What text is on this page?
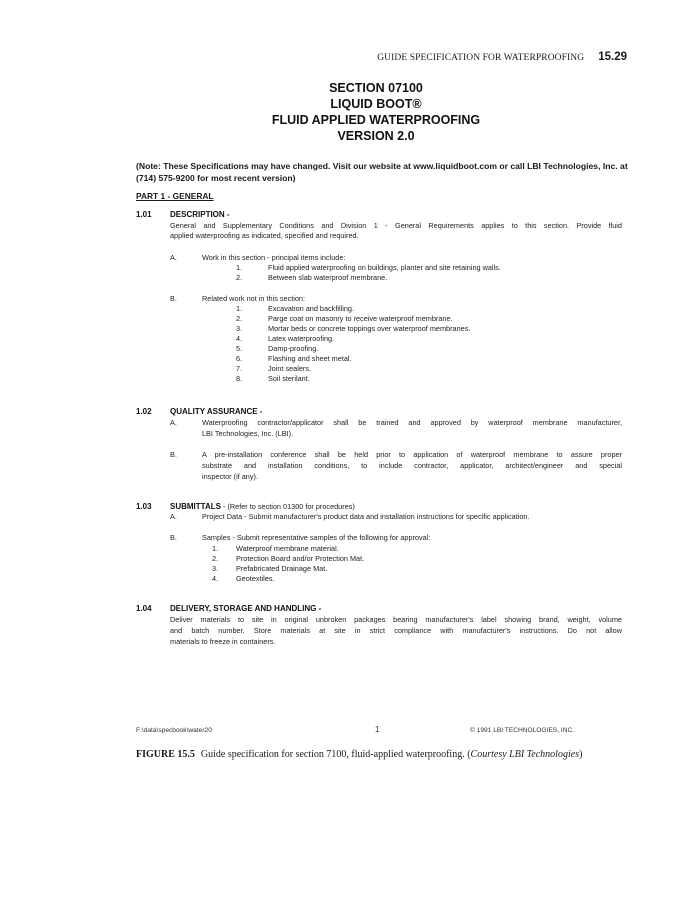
GUIDE SPECIFICATION FOR WATERPROOFING 15.29
SECTION 07100
LIQUID BOOT®
FLUID APPLIED WATERPROOFING
VERSION 2.0
(Note: These Specifications may have changed. Visit our website at www.liquidboot.com or call LBI Technologies, Inc. at (714) 575-9200 for most recent version)
PART 1 - GENERAL
1.01 DESCRIPTION -
General and Supplementary Conditions and Division 1 - General Requirements applies to this section. Provide fluid
applied waterproofing as indicated, specified and required.
A.	Work in this section - principal items include:
1.	Fluid applied waterproofing on buildings, planter and site retaining walls.
2.	Between slab waterproof membrane.
B.	Related work not in this section:
1.	Excavation and backfilling.
2.	Parge coat on masonry to receive waterproof membrane.
3.	Mortar beds or concrete toppings over waterproof membranes.
4.	Latex waterproofing.
5.	Damp-proofing.
6.	Flashing and sheet metal.
7.	Joint sealers.
8.	Soil sterilant.
1.02 QUALITY ASSURANCE -
A.	Waterproofing contractor/applicator shall be trained and approved by waterproof membrane manufacturer,
LBI Technologies, Inc. (LBI).
B.	A pre-installation conference shall be held prior to application of waterproof membrane to assure proper
substrate and installation conditions, to include contractor, applicator, architect/engineer and special
inspector (if any).
1.03 SUBMITTALS - (Refer to section 01300 for procedures)
A.	Project Data - Submit manufacturer's product data and installation instructions for specific application.
B.	Samples - Submit representative samples of the following for approval:
1. Waterproof membrane material.
2. Protection Board and/or Protection Mat.
3. Prefabricated Drainage Mat.
4. Geotextiles.
1.04 DELIVERY, STORAGE AND HANDLING -
Deliver materials to site in original unbroken packages bearing manufacturer's label showing brand, weight, volume
and batch number. Store materials at site in strict compliance with manufacturer's instructions. Do not allow
materials to freeze in containers.
F:\data\specbook\water20	1	© 1991 LBI TECHNOLOGIES, INC.
FIGURE 15.5 Guide specification for section 7100, fluid-applied waterproofing. (Courtesy LBI Technologies)
